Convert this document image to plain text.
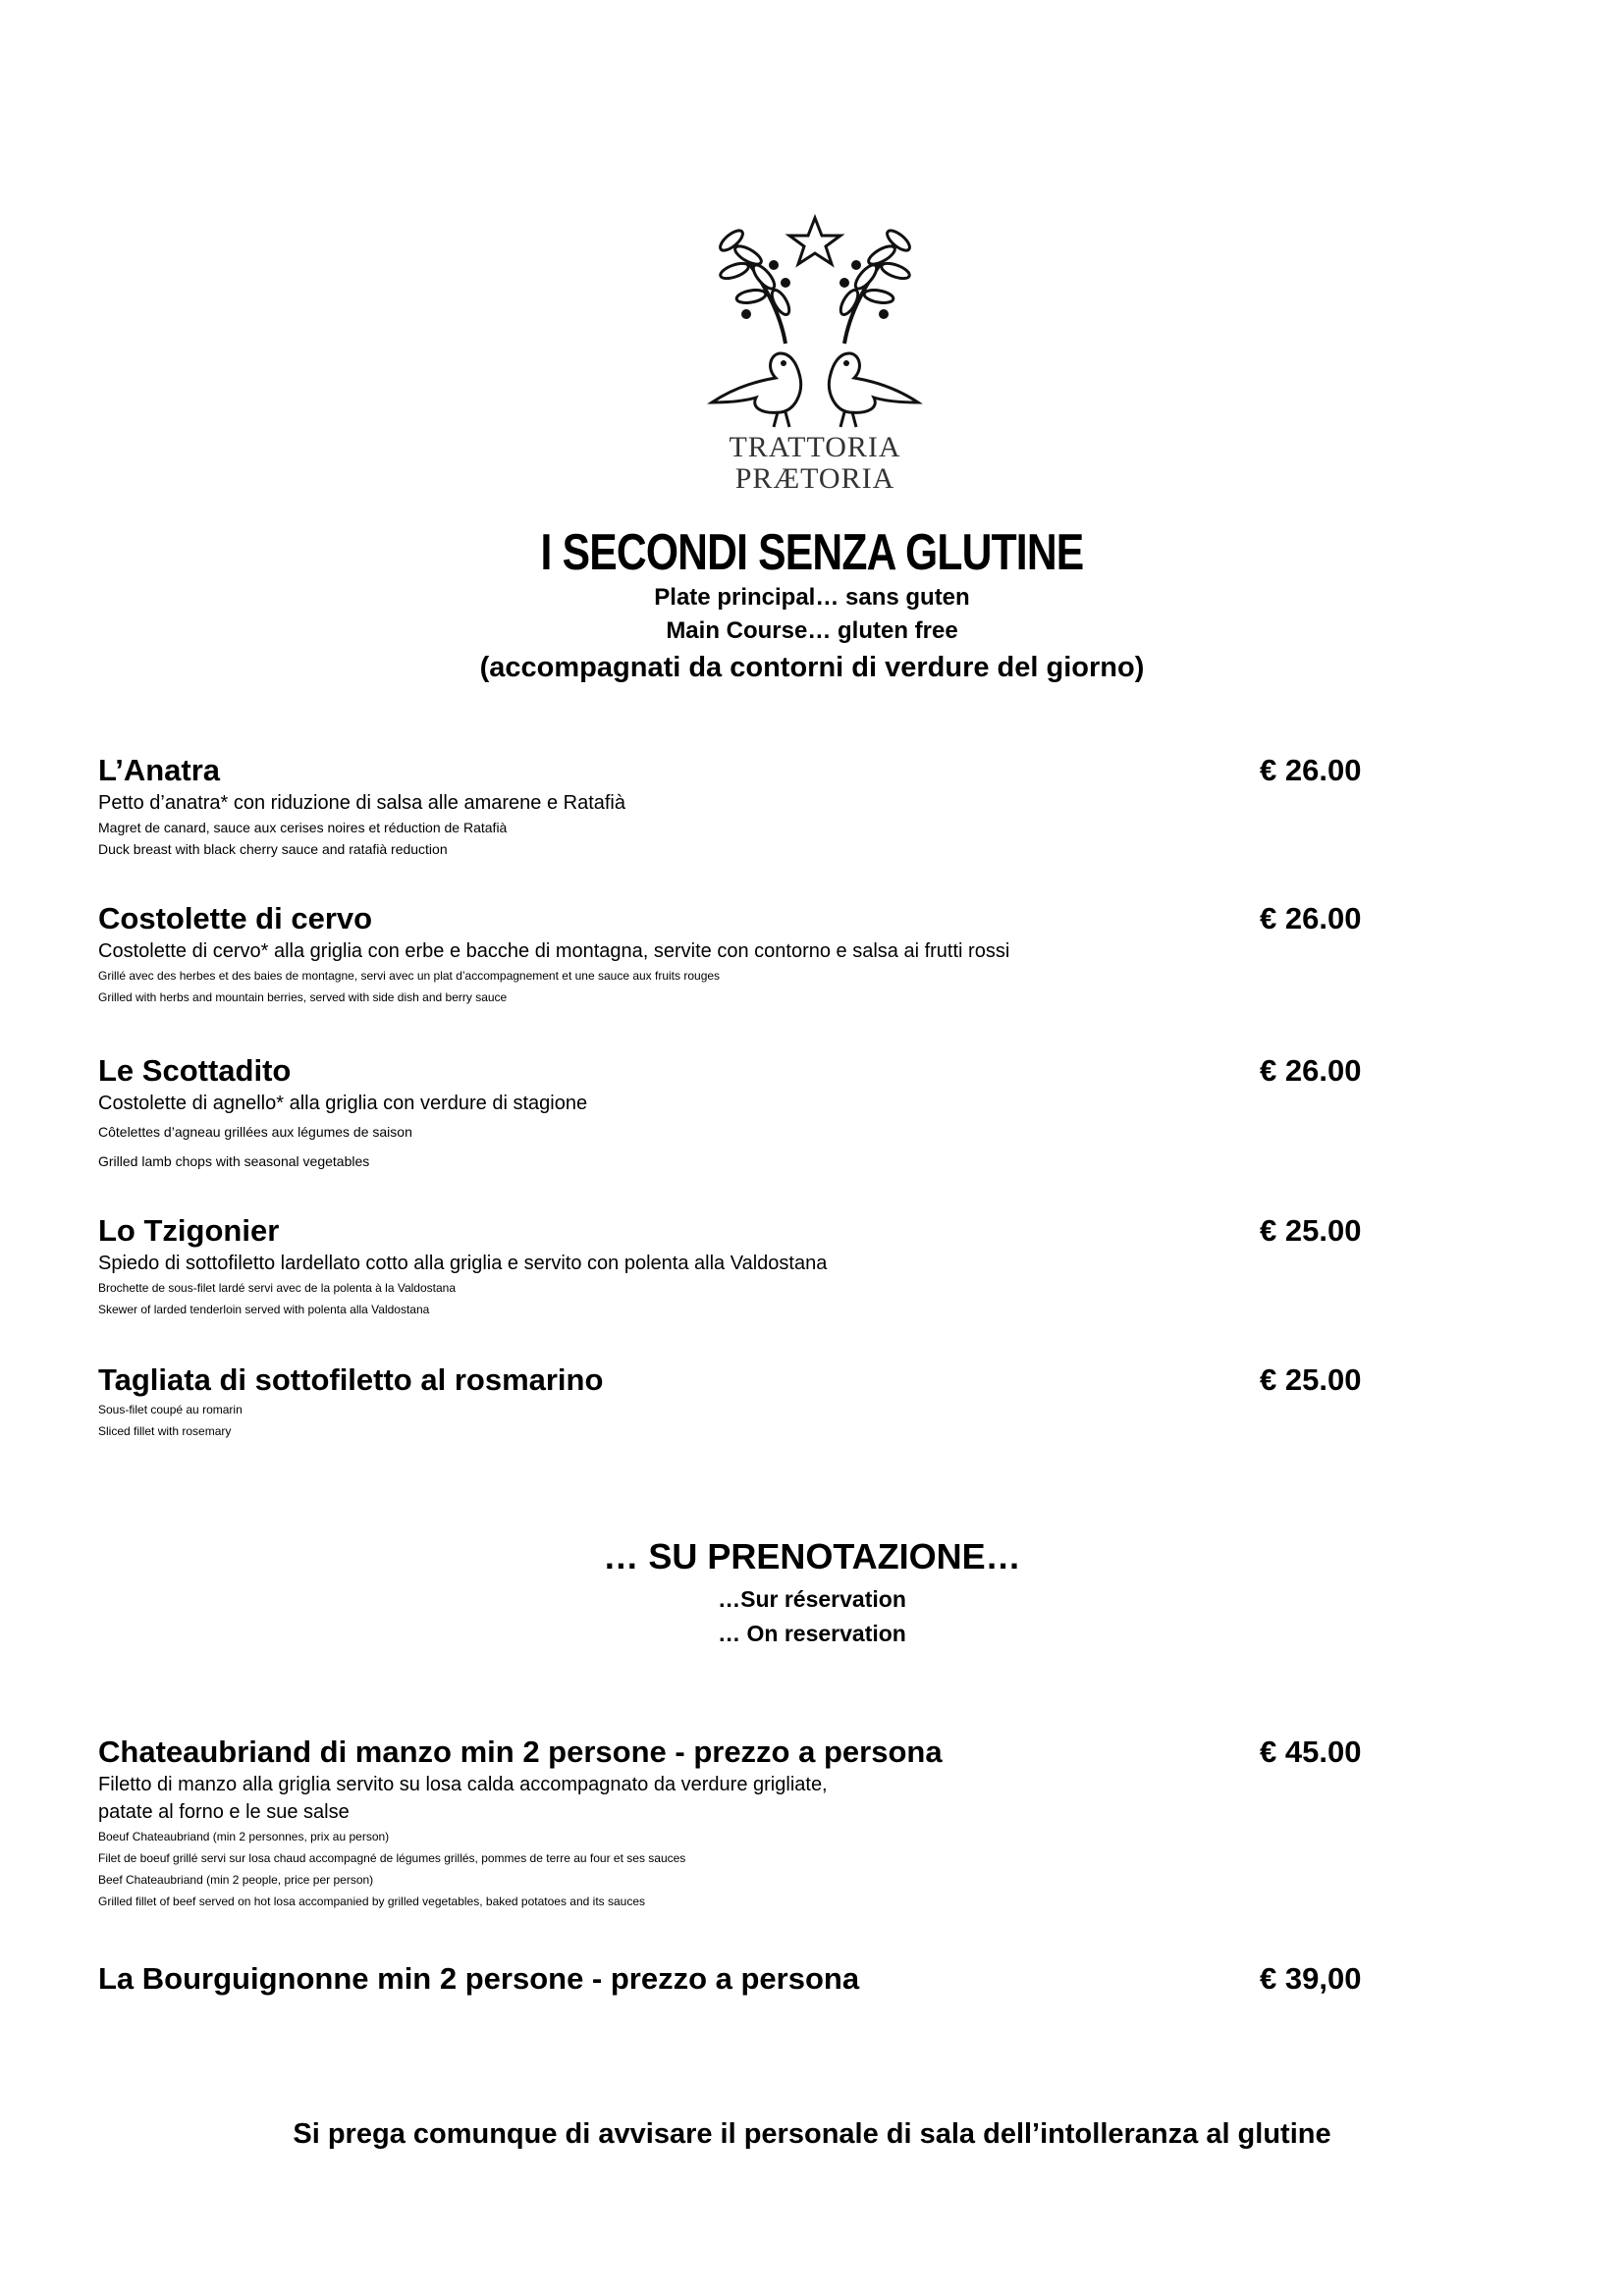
TRATTORIA
PRÆTORIA
I SECONDI SENZA GLUTINE
Plate principal… sans guten
Main Course… gluten free
(accompagnati da contorni di verdure del giorno)
L’Anatra	€ 26.00
Petto d’anatra* con riduzione di salsa alle amarene e Ratafià
Magret de canard, sauce aux cerises noires et réduction de Ratafià
Duck breast with black cherry sauce and ratafià reduction
Costolette di cervo	€ 26.00
Costolette di cervo* alla griglia con erbe e bacche di montagna, servite con contorno e salsa ai frutti rossi
Grillé avec des herbes et des baies de montagne, servi avec un plat d’accompagnement et une sauce aux fruits rouges
Grilled with herbs and mountain berries, served with side dish and berry sauce
Le Scottadito	€ 26.00
Costolette di agnello* alla griglia con verdure di stagione
Côtelettes d’agneau grillées aux légumes de saison
Grilled lamb chops with seasonal vegetables
Lo Tzigonier	€ 25.00
Spiedo di sottofiletto lardellato cotto alla griglia e servito con polenta alla Valdostana
Brochette de sous-filet lardé servi avec de la polenta à la Valdostana
Skewer of larded tenderloin served with polenta alla Valdostana
Tagliata di sottofiletto al rosmarino	€ 25.00
Sous-filet coupé au romarin
Sliced fillet with rosemary
… SU PRENOTAZIONE…
…Sur réservation
… On reservation
Chateaubriand di manzo min 2 persone - prezzo a persona	€ 45.00
Filetto di manzo alla griglia servito su losa calda accompagnato da verdure grigliate,
patate al forno e le sue salse
Boeuf Chateaubriand (min 2 personnes, prix au person)
Filet de boeuf grillé servi sur losa chaud accompagné de légumes grillés, pommes de terre au four et ses sauces
Beef Chateaubriand (min 2 people, price per person)
Grilled fillet of beef served on hot losa accompanied by grilled vegetables, baked potatoes and its sauces
La Bourguignonne min 2 persone - prezzo a persona	€ 39,00
Si prega comunque di avvisare il personale di sala dell’intolleranza al glutine
